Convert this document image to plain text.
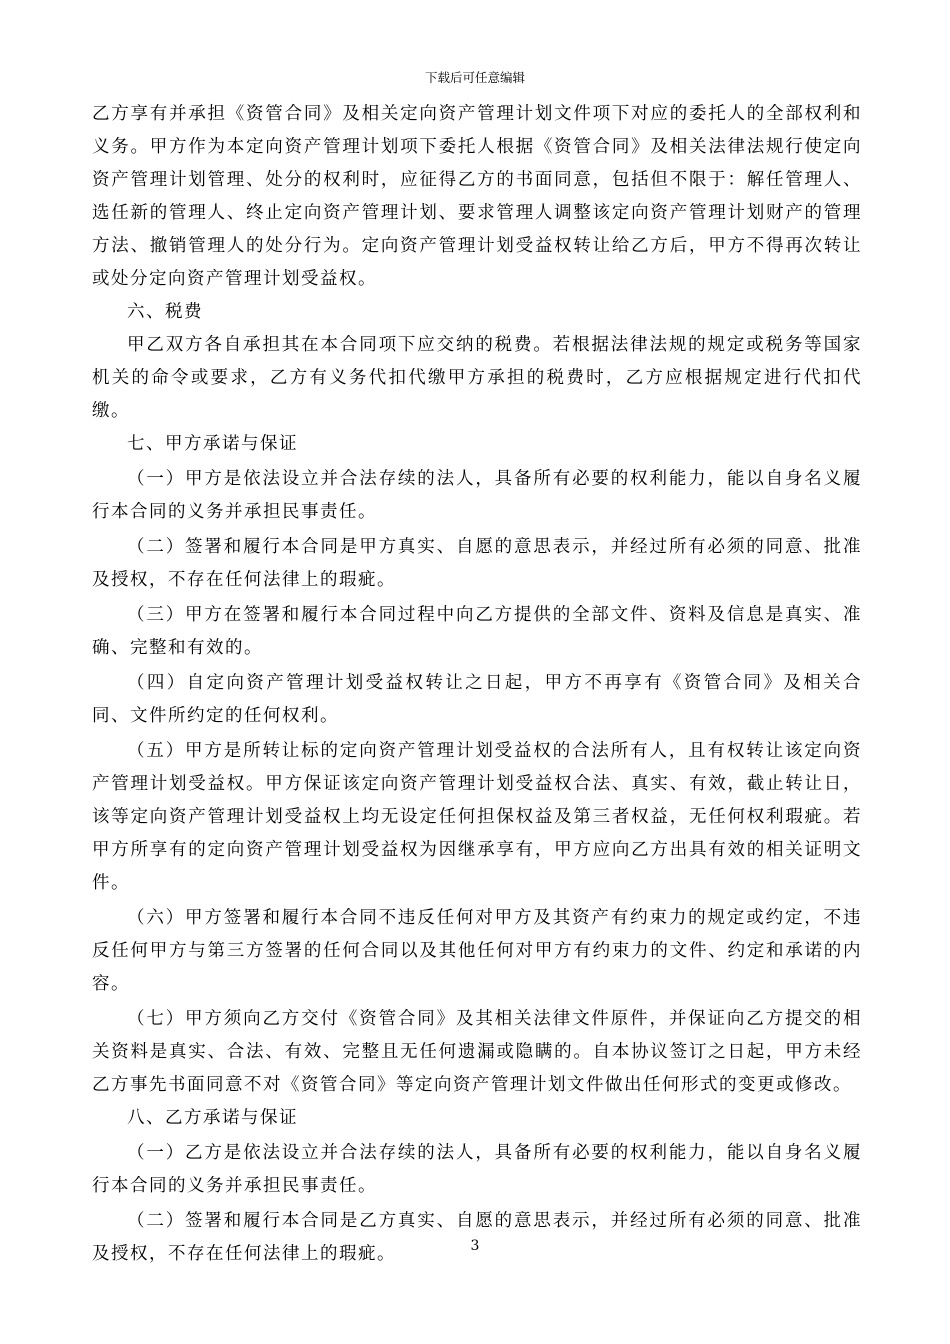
下载后可任意编辑

乙方享有并承担《资管合同》及相关定向资产管理计划文件项下对应的委托人的全部权利和义务。甲方作为本定向资产管理计划项下委托人根据《资管合同》及相关法律法规行使定向资产管理计划管理、处分的权利时，应征得乙方的书面同意，包括但不限于：解任管理人、选任新的管理人、终止定向资产管理计划、要求管理人调整该定向资产管理计划财产的管理方法、撤销管理人的处分行为。定向资产管理计划受益权转让给乙方后，甲方不得再次转让或处分定向资产管理计划受益权。

六、税费

甲乙双方各自承担其在本合同项下应交纳的税费。若根据法律法规的规定或税务等国家机关的命令或要求，乙方有义务代扣代缴甲方承担的税费时，乙方应根据规定进行代扣代缴。

七、甲方承诺与保证

（一）甲方是依法设立并合法存续的法人，具备所有必要的权利能力，能以自身名义履行本合同的义务并承担民事责任。

（二）签署和履行本合同是甲方真实、自愿的意思表示，并经过所有必须的同意、批准及授权，不存在任何法律上的瑕疵。

（三）甲方在签署和履行本合同过程中向乙方提供的全部文件、资料及信息是真实、准确、完整和有效的。

（四）自定向资产管理计划受益权转让之日起，甲方不再享有《资管合同》及相关合同、文件所约定的任何权利。

（五）甲方是所转让标的定向资产管理计划受益权的合法所有人，且有权转让该定向资产管理计划受益权。甲方保证该定向资产管理计划受益权合法、真实、有效，截止转让日，该等定向资产管理计划受益权上均无设定任何担保权益及第三者权益，无任何权利瑕疵。若甲方所享有的定向资产管理计划受益权为因继承享有，甲方应向乙方出具有效的相关证明文件。

（六）甲方签署和履行本合同不违反任何对甲方及其资产有约束力的规定或约定，不违反任何甲方与第三方签署的任何合同以及其他任何对甲方有约束力的文件、约定和承诺的内容。

（七）甲方须向乙方交付《资管合同》及其相关法律文件原件，并保证向乙方提交的相关资料是真实、合法、有效、完整且无任何遗漏或隐瞒的。自本协议签订之日起，甲方未经乙方事先书面同意不对《资管合同》等定向资产管理计划文件做出任何形式的变更或修改。

八、乙方承诺与保证

（一）乙方是依法设立并合法存续的法人，具备所有必要的权利能力，能以自身名义履行本合同的义务并承担民事责任。

（二）签署和履行本合同是乙方真实、自愿的意思表示，并经过所有必须的同意、批准及授权，不存在任何法律上的瑕疵。	3
